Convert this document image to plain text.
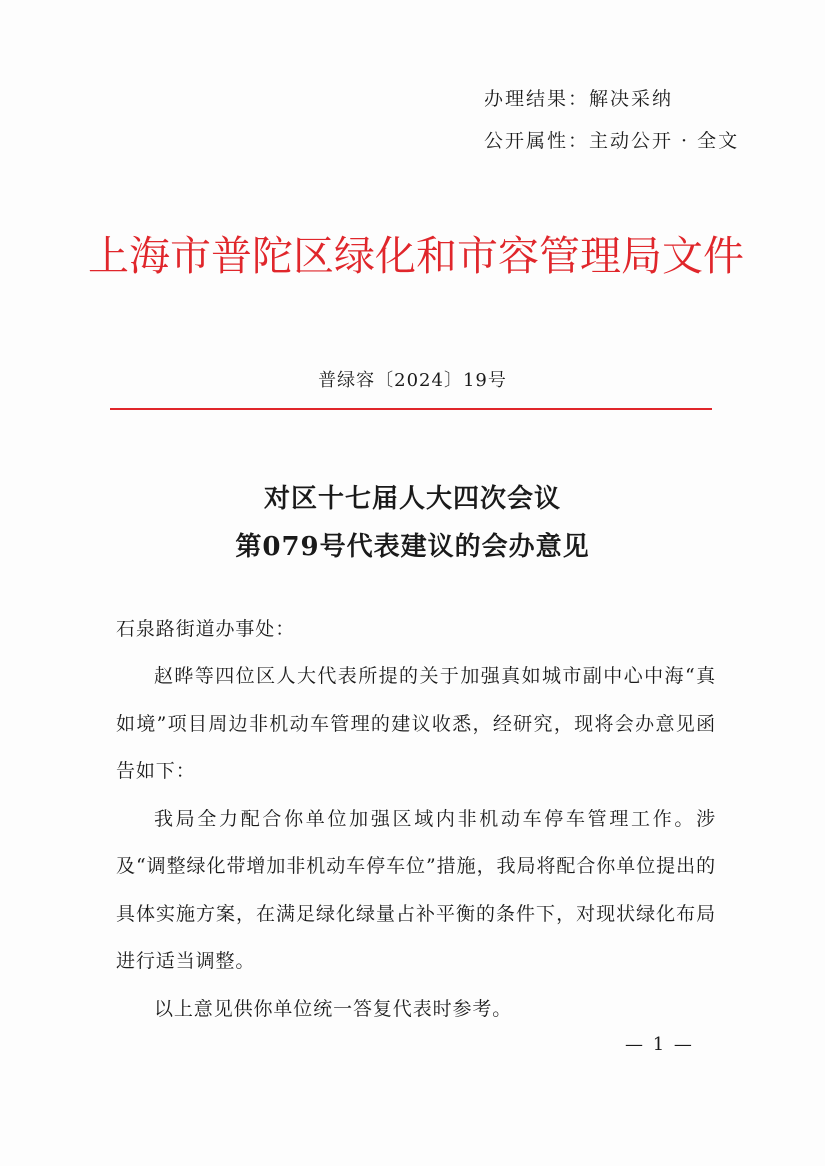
办理结果：解决采纳
公开属性：主动公开 · 全文
上海市普陀区绿化和市容管理局文件
普绿容〔2024〕19号
对区十七届人大四次会议
第079号代表建议的会办意见
石泉路街道办事处：

赵晔等四位区人大代表所提的关于加强真如城市副中心中海“真如境”项目周边非机动车管理的建议收悉，经研究，现将会办意见函告如下：

我局全力配合你单位加强区域内非机动车停车管理工作。涉及“调整绿化带增加非机动车停车位”措施，我局将配合你单位提出的具体实施方案，在满足绿化绿量占补平衡的条件下，对现状绿化布局进行适当调整。

以上意见供你单位统一答复代表时参考。

— 1 —
